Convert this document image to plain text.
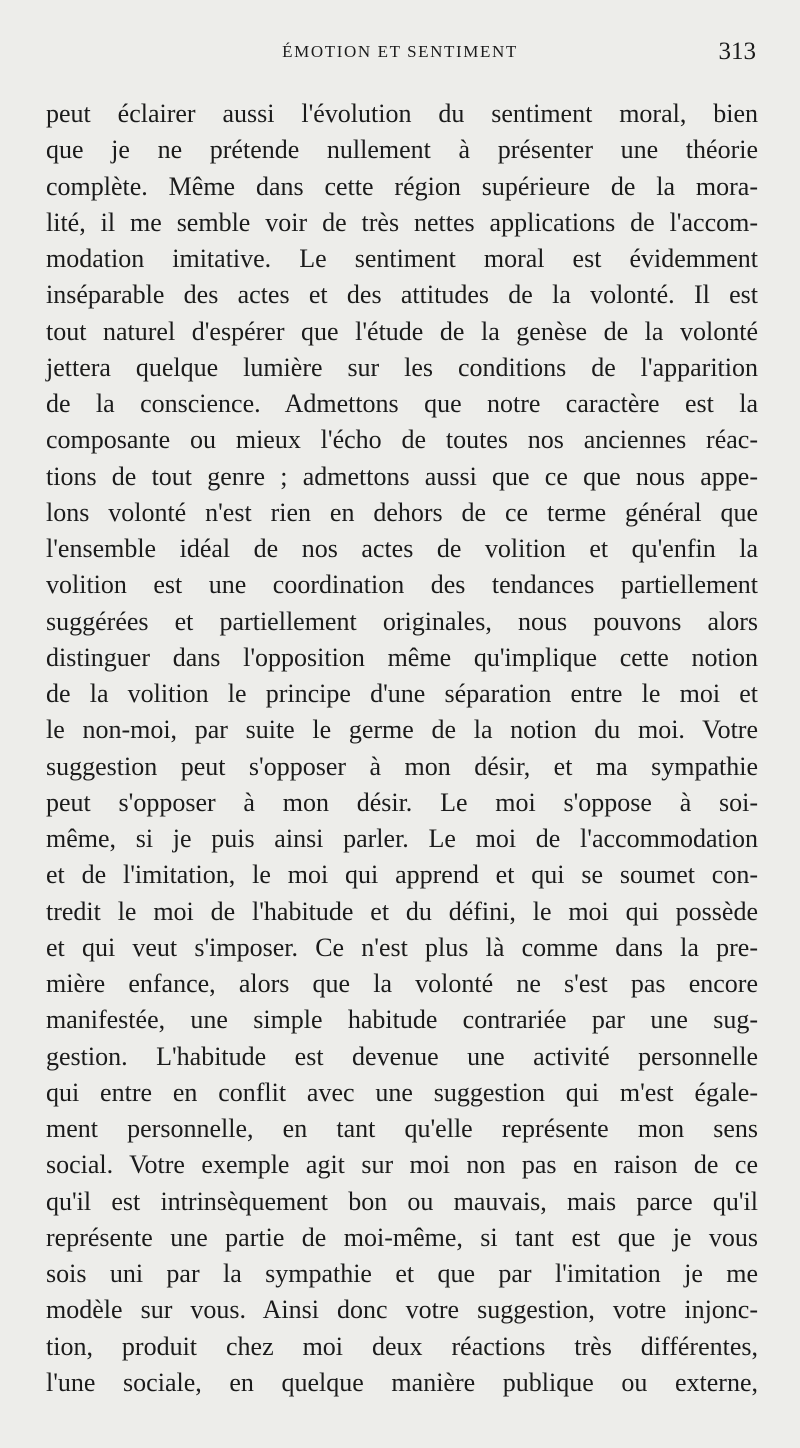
ÉMOTION ET SENTIMENT	313
peut éclairer aussi l'évolution du sentiment moral, bien
que je ne prétende nullement à présenter une théorie
complète. Même dans cette région supérieure de la mora-
lité, il me semble voir de très nettes applications de l'accom-
modation imitative. Le sentiment moral est évidemment
inséparable des actes et des attitudes de la volonté. Il est
tout naturel d'espérer que l'étude de la genèse de la volonté
jettera quelque lumière sur les conditions de l'apparition
de la conscience. Admettons que notre caractère est la
composante ou mieux l'écho de toutes nos anciennes réac-
tions de tout genre ; admettons aussi que ce que nous appe-
lons volonté n'est rien en dehors de ce terme général que
l'ensemble idéal de nos actes de volition et qu'enfin la
volition est une coordination des tendances partiellement
suggérées et partiellement originales, nous pouvons alors
distinguer dans l'opposition même qu'implique cette notion
de la volition le principe d'une séparation entre le moi et
le non-moi, par suite le germe de la notion du moi. Votre
suggestion peut s'opposer à mon désir, et ma sympathie
peut s'opposer à mon désir. Le moi s'oppose à soi-
même, si je puis ainsi parler. Le moi de l'accommodation
et de l'imitation, le moi qui apprend et qui se soumet con-
tredit le moi de l'habitude et du défini, le moi qui possède
et qui veut s'imposer. Ce n'est plus là comme dans la pre-
mière enfance, alors que la volonté ne s'est pas encore
manifestée, une simple habitude contrariée par une sug-
gestion. L'habitude est devenue une activité personnelle
qui entre en conflit avec une suggestion qui m'est égale-
ment personnelle, en tant qu'elle représente mon sens
social. Votre exemple agit sur moi non pas en raison de ce
qu'il est intrinsèquement bon ou mauvais, mais parce qu'il
représente une partie de moi-même, si tant est que je vous
sois uni par la sympathie et que par l'imitation je me
modèle sur vous. Ainsi donc votre suggestion, votre injonc-
tion, produit chez moi deux réactions très différentes,
l'une sociale, en quelque manière publique ou externe,
